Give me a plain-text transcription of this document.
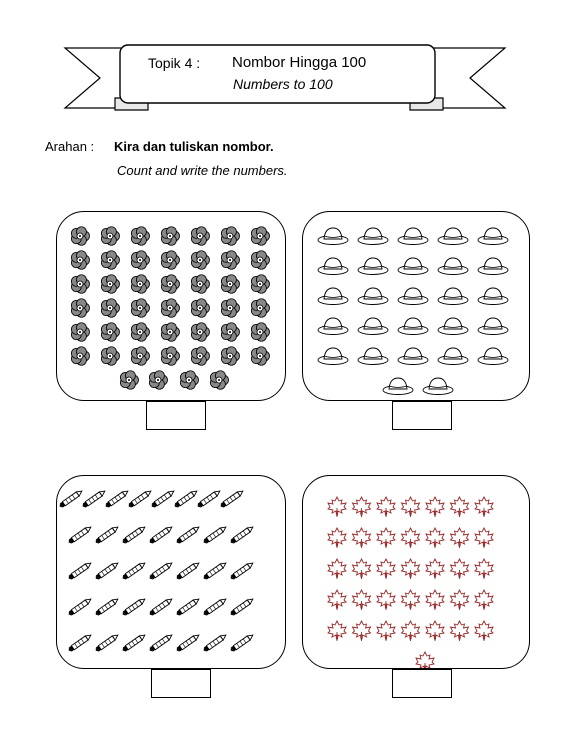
Topik 4 : Nombor Hingga 100
Numbers to 100
Arahan : Kira dan tuliskan nombor.
Count and write the numbers.
